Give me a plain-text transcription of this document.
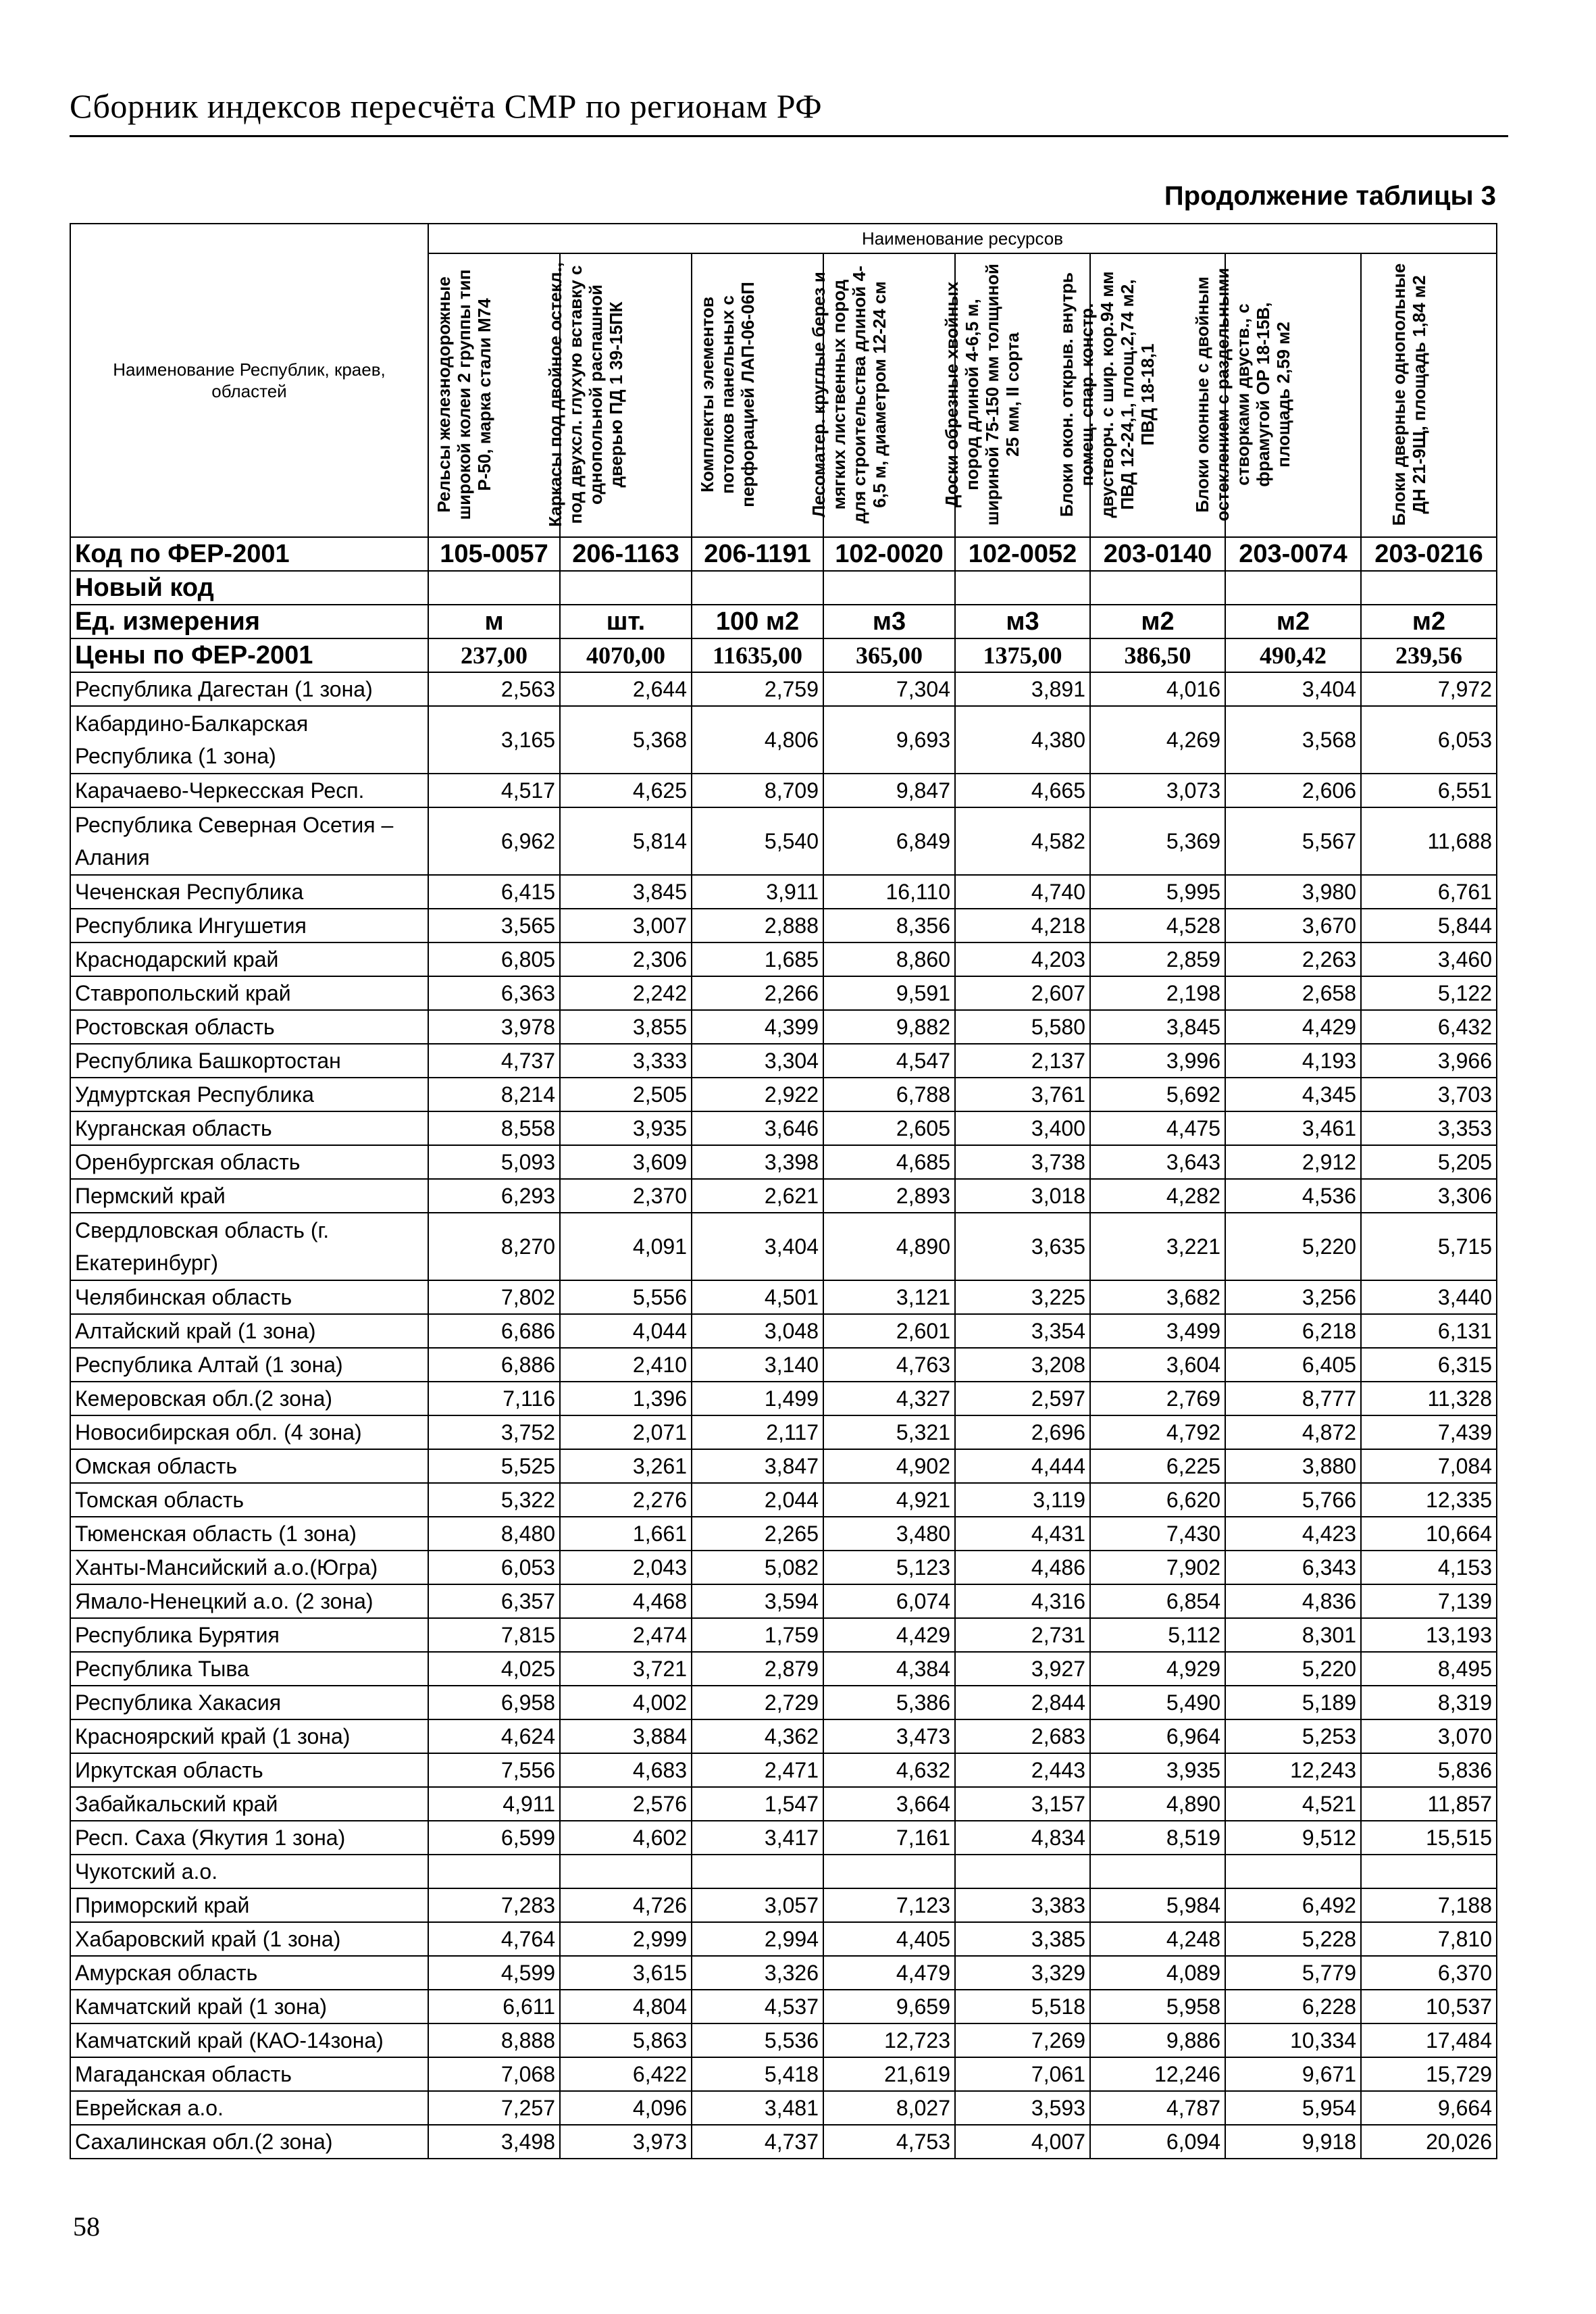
Сборник индексов пересчёта СМР по регионам РФ
Продолжение таблицы 3
Наименование Республик, краев, областей	Наименование ресурсов							

	Рельсы железнодорожные широкой колеи 2 группы тип Р-50, марка стали М74	Каркасы под двойное остекл., под двухсл. глухую вставку с однопольной распашной дверью ПД 1 39-15ПК	Комплекты элементов потолков панельных с перфорацией ЛАП-06-06П	Лесоматер. круглые берез и мягких лиственных пород для строительства длиной 4-6,5 м, диаметром 12-24 см	Доски обрезные хвойных пород длиной 4-6,5 м, шириной 75-150 мм толщиной 25 мм, II сорта	Блоки окон. открыв. внутрь помещ. спар. констр. двустворч. с шир. кор.94 мм ПВД 12-24,1, площ.2,74 м2, ПВД 18-18,1	Блоки оконные с двойным остеклением с раздельными створками двуств., с фрамугой ОР 18-15В, площадь 2,59 м2	Блоки дверные однопольные ДН 21-9Щ, площадь 1,84 м2

Код по ФЕР-2001	105-0057	206-1163	206-1191	102-0020	102-0052	203-0140	203-0074	203-0216
Новый код								
Ед. измерения	м	шт.	100 м2	м3	м3	м2	м2	м2
Цены по ФЕР-2001	237,00	4070,00	11635,00	365,00	1375,00	386,50	490,42	239,56
Республика Дагестан (1 зона)	2,563	2,644	2,759	7,304	3,891	4,016	3,404	7,972
Кабардино-Балкарская Республика (1 зона)	3,165	5,368	4,806	9,693	4,380	4,269	3,568	6,053
Карачаево-Черкесская Респ.	4,517	4,625	8,709	9,847	4,665	3,073	2,606	6,551
Республика Северная Осетия – Алания	6,962	5,814	5,540	6,849	4,582	5,369	5,567	11,688
Чеченская Республика	6,415	3,845	3,911	16,110	4,740	5,995	3,980	6,761
Республика Ингушетия	3,565	3,007	2,888	8,356	4,218	4,528	3,670	5,844
Краснодарский край	6,805	2,306	1,685	8,860	4,203	2,859	2,263	3,460
Ставропольский край	6,363	2,242	2,266	9,591	2,607	2,198	2,658	5,122
Ростовская область	3,978	3,855	4,399	9,882	5,580	3,845	4,429	6,432
Республика Башкортостан	4,737	3,333	3,304	4,547	2,137	3,996	4,193	3,966
Удмуртская Республика	8,214	2,505	2,922	6,788	3,761	5,692	4,345	3,703
Курганская область	8,558	3,935	3,646	2,605	3,400	4,475	3,461	3,353
Оренбургская область	5,093	3,609	3,398	4,685	3,738	3,643	2,912	5,205
Пермский край	6,293	2,370	2,621	2,893	3,018	4,282	4,536	3,306
Свердловская область (г. Екатеринбург)	8,270	4,091	3,404	4,890	3,635	3,221	5,220	5,715
Челябинская область	7,802	5,556	4,501	3,121	3,225	3,682	3,256	3,440
Алтайский край (1 зона)	6,686	4,044	3,048	2,601	3,354	3,499	6,218	6,131
Республика Алтай (1 зона)	6,886	2,410	3,140	4,763	3,208	3,604	6,405	6,315
Кемеровская обл.(2 зона)	7,116	1,396	1,499	4,327	2,597	2,769	8,777	11,328
Новосибирская обл. (4 зона)	3,752	2,071	2,117	5,321	2,696	4,792	4,872	7,439
Омская область	5,525	3,261	3,847	4,902	4,444	6,225	3,880	7,084
Томская область	5,322	2,276	2,044	4,921	3,119	6,620	5,766	12,335
Тюменская область (1 зона)	8,480	1,661	2,265	3,480	4,431	7,430	4,423	10,664
Ханты-Мансийский а.о.(Югра)	6,053	2,043	5,082	5,123	4,486	7,902	6,343	4,153
Ямало-Ненецкий а.о. (2 зона)	6,357	4,468	3,594	6,074	4,316	6,854	4,836	7,139
Республика Бурятия	7,815	2,474	1,759	4,429	2,731	5,112	8,301	13,193
Республика Тыва	4,025	3,721	2,879	4,384	3,927	4,929	5,220	8,495
Республика Хакасия	6,958	4,002	2,729	5,386	2,844	5,490	5,189	8,319
Красноярский край (1 зона)	4,624	3,884	4,362	3,473	2,683	6,964	5,253	3,070
Иркутская область	7,556	4,683	2,471	4,632	2,443	3,935	12,243	5,836
Забайкальский край	4,911	2,576	1,547	3,664	3,157	4,890	4,521	11,857
Респ. Саха (Якутия 1 зона)	6,599	4,602	3,417	7,161	4,834	8,519	9,512	15,515
Чукотский а.о.								
Приморский край	7,283	4,726	3,057	7,123	3,383	5,984	6,492	7,188
Хабаровский край (1 зона)	4,764	2,999	2,994	4,405	3,385	4,248	5,228	7,810
Амурская область	4,599	3,615	3,326	4,479	3,329	4,089	5,779	6,370
Камчатский край (1 зона)	6,611	4,804	4,537	9,659	5,518	5,958	6,228	10,537
Камчатский край (КАО-14зона)	8,888	5,863	5,536	12,723	7,269	9,886	10,334	17,484
Магаданская область	7,068	6,422	5,418	21,619	7,061	12,246	9,671	15,729
Еврейская а.о.	7,257	4,096	3,481	8,027	3,593	4,787	5,954	9,664
Сахалинская обл.(2 зона)	3,498	3,973	4,737	4,753	4,007	6,094	9,918	20,026
58
